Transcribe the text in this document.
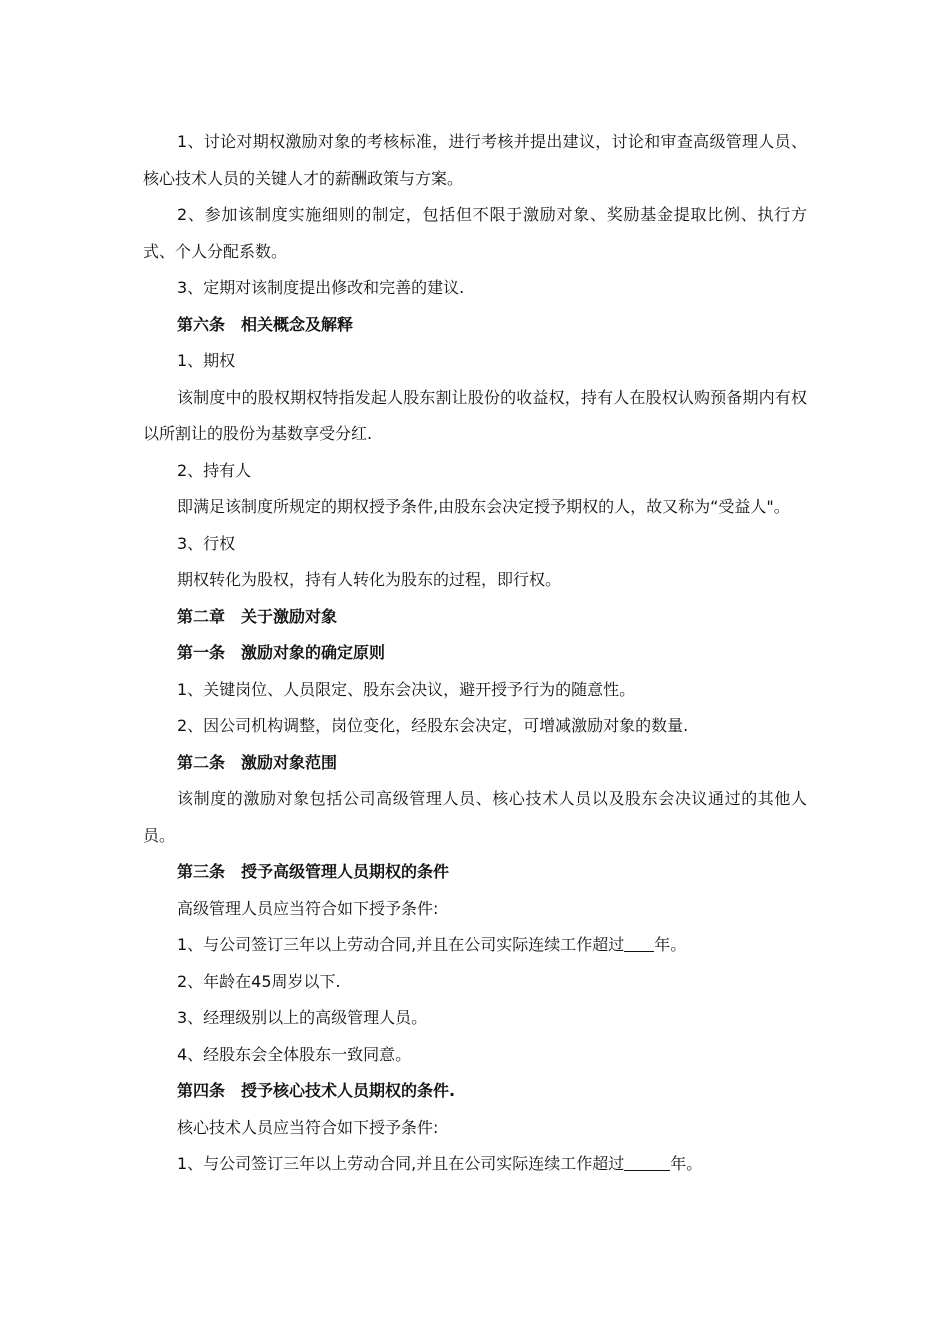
1、讨论对期权激励对象的考核标准，进行考核并提出建议，讨论和审查高级管理人员、核心技术人员的关键人才的薪酬政策与方案。

2、参加该制度实施细则的制定，包括但不限于激励对象、奖励基金提取比例、执行方式、个人分配系数。

3、定期对该制度提出修改和完善的建议.

第六条　相关概念及解释

1、期权

该制度中的股权期权特指发起人股东割让股份的收益权，持有人在股权认购预备期内有权以所割让的股份为基数享受分红.

2、持有人

即满足该制度所规定的期权授予条件,由股东会决定授予期权的人，故又称为“受益人"。

3、行权

期权转化为股权，持有人转化为股东的过程，即行权。

第二章　关于激励对象

第一条　激励对象的确定原则

1、关键岗位、人员限定、股东会决议，避开授予行为的随意性。

2、因公司机构调整，岗位变化，经股东会决定，可增减激励对象的数量.

第二条　激励对象范围

该制度的激励对象包括公司高级管理人员、核心技术人员以及股东会决议通过的其他人员。

第三条　授予高级管理人员期权的条件

高级管理人员应当符合如下授予条件:

1、与公司签订三年以上劳动合同,并且在公司实际连续工作超过 年。

2、年龄在45周岁以下.

3、经理级别以上的高级管理人员。

4、经股东会全体股东一致同意。

第四条　授予核心技术人员期权的条件.

核心技术人员应当符合如下授予条件:

1、与公司签订三年以上劳动合同,并且在公司实际连续工作超过	年。
